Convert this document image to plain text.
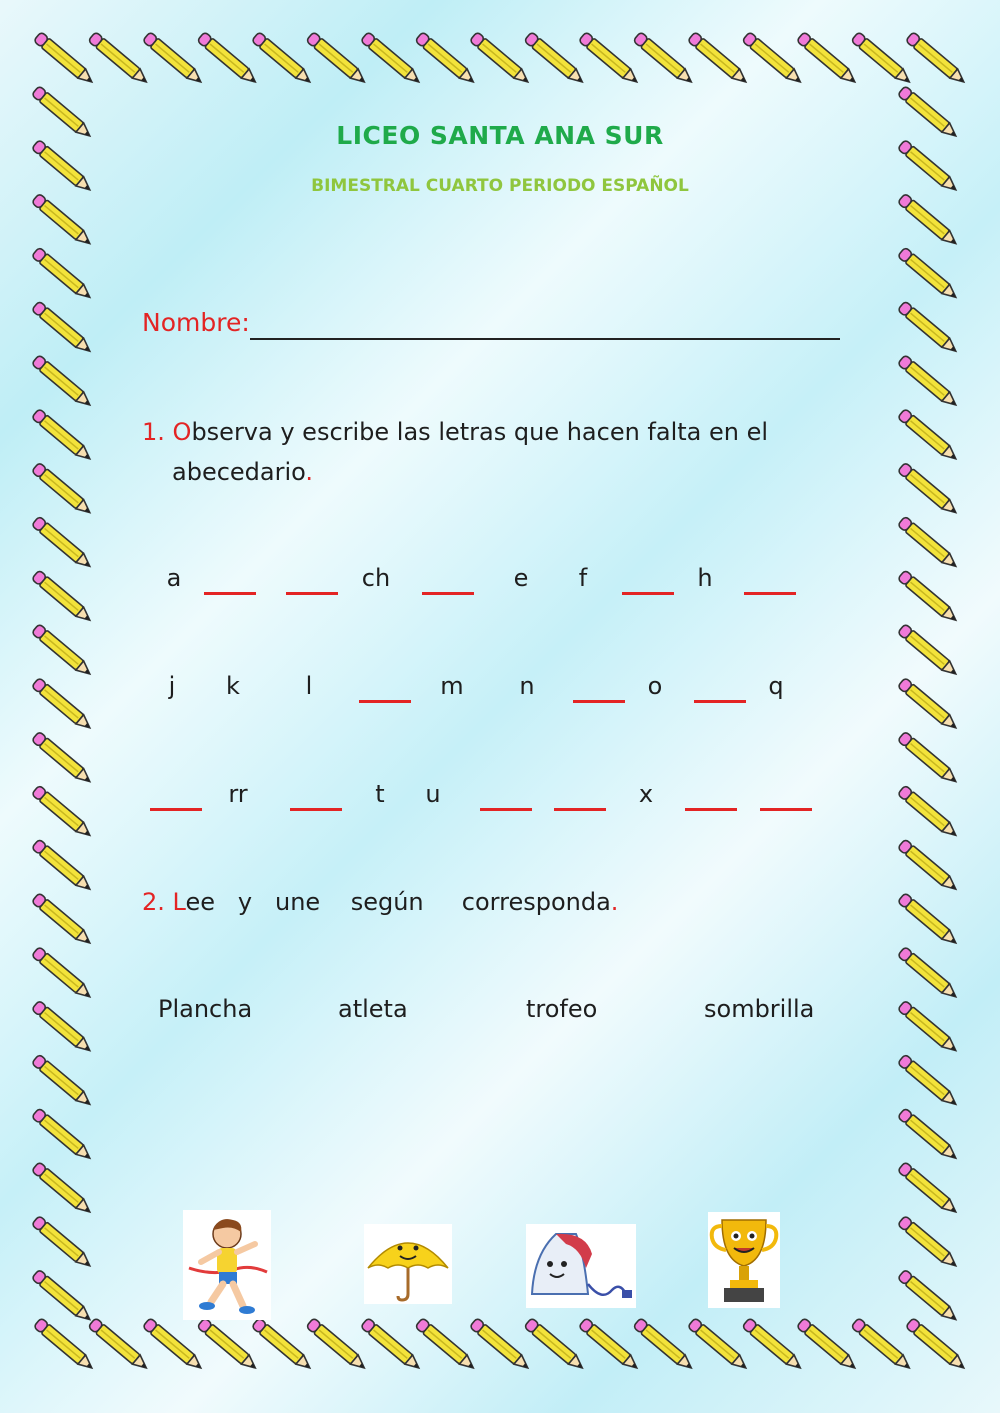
LICEO SANTA ANA SUR
BIMESTRAL CUARTO PERIODO ESPAÑOL
Nombre:
1. Observa y escribe las letras que hacen falta en el
abecedario.
a	ch	e	f	h
j	k	l	m	n	o	q
rr	t	u	x
2. Lee   y   une    según     corresponda.
Plancha	atleta	trofeo	sombrilla
